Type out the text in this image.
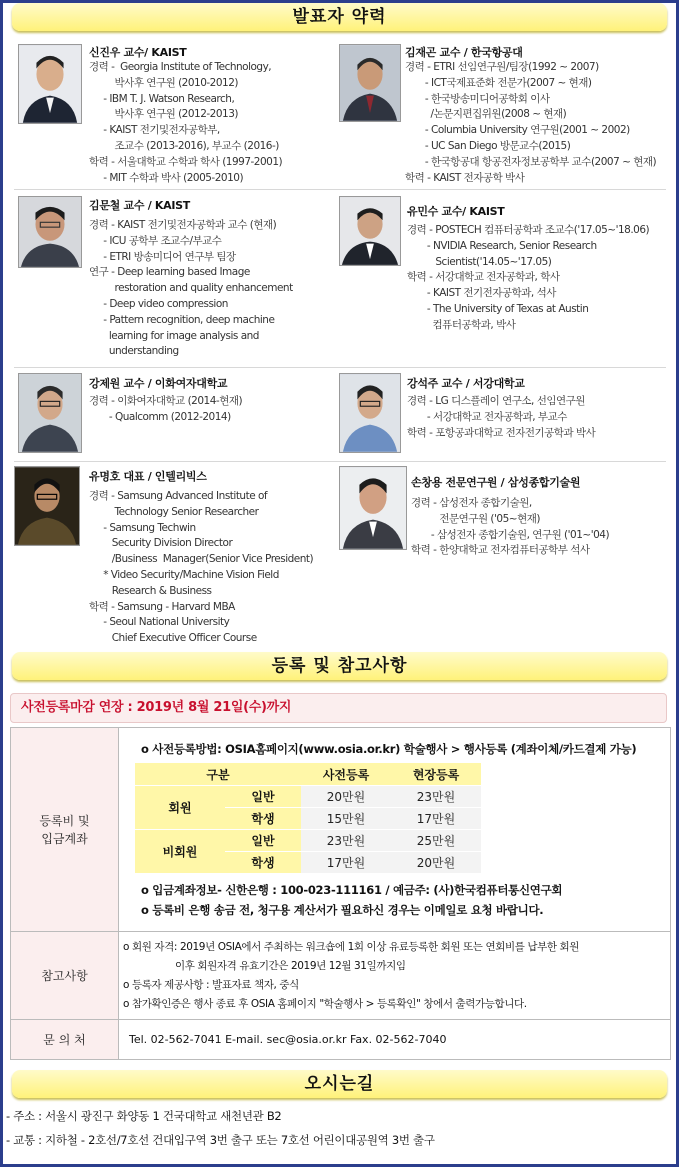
발표자 약력
신진우 교수/ KAIST
경력 -  Georgia Institute of Technology,
박사후 연구원 (2010-2012)
- IBM T. J. Watson Research,
박사후 연구원 (2012-2013)
- KAIST 전기및전자공학부,
조교수 (2013-2016), 부교수 (2016-)
학력 - 서울대학교 수학과 학사 (1997-2001)
- MIT 수학과 박사 (2005-2010)
김재곤 교수 / 한국항공대
경력 - ETRI 선임연구원/팀장(1992 ~ 2007)
- ICT국제표준화 전문가(2007 ~ 현재)
- 한국방송미디어공학회 이사
/논문지편집위원(2008 ~ 현재)
- Columbia University 연구원(2001 ~ 2002)
- UC San Diego 방문교수(2015)
- 한국항공대 항공전자정보공학부 교수(2007 ~ 현재)
학력 - KAIST 전자공학 박사
김문철 교수 / KAIST
경력 - KAIST 전기및전자공학과 교수 (현재)
- ICU 공학부 조교수/부교수
- ETRI 방송미디어 연구부 팀장
연구 - Deep learning based Image
restoration and quality enhancement
- Deep video compression
- Pattern recognition, deep machine
learning for image analysis and
understanding
유민수 교수/ KAIST
경력 - POSTECH 컴퓨터공학과 조교수('17.05~'18.06)
- NVIDIA Research, Senior Research
Scientist('14.05~'17.05)
학력 - 서강대학교 전자공학과, 학사
- KAIST 전기전자공학과, 석사
- The University of Texas at Austin
컴퓨터공학과, 박사
강제원 교수 / 이화여자대학교
경력 - 이화여자대학교 (2014-현재)
- Qualcomm (2012-2014)
강석주 교수 / 서강대학교
경력 - LG 디스플레이 연구소, 선임연구원
- 서강대학교 전자공학과, 부교수
학력 - 포항공과대학교 전자전기공학과 박사
유명호 대표 / 인텔리빅스
경력 - Samsung Advanced Institute of
Technology Senior Researcher
- Samsung Techwin
Security Division Director
/Business  Manager(Senior Vice President)
* Video Security/Machine Vision Field
Research & Business
학력 - Samsung - Harvard MBA
- Seoul National University
Chief Executive Officer Course
손창용 전문연구원 / 삼성종합기술원
경력 - 삼성전자 종합기술원,
전문연구원 ('05~현재)
- 삼성전자 종합기술원, 연구원 ('01~'04)
학력 - 한양대학교 전자컴퓨터공학부 석사
등록 및 참고사항
사전등록마감 연장 : 2019년 8월 21일(수)까지
등록비 및
입금계좌	
o 사전등록방법: OSIA홈페이지(www.osia.or.kr) 학술행사 > 행사등록 (계좌이체/카드결제 가능)
구분	사전등록	현장등록
회원	일반	20만원	23만원
학생	15만원	17만원
비회원	일반	23만원	25만원
학생	17만원	20만원
o 입금계좌정보- 신한은행 : 100-023-111161 / 예금주: (사)한국컴퓨터통신연구회
o 등록비 은행 송금 전, 청구용 계산서가 필요하신 경우는 이메일로 요청 바랍니다.

참고사항	
o 회원 자격: 2019년 OSIA에서 주최하는 워크숍에 1회 이상 유료등록한 회원 또는 연회비를 납부한 회원
이후 회원자격 유효기간은 2019년 12월 31일까지임
o 등록자 제공사항 : 발표자료 책자, 중식
o 참가확인증은 행사 종료 후 OSIA 홈페이지 "학술행사 > 등록확인" 창에서 출력가능합니다.

문 의 처	Tel. 02-562-7041 E-mail. sec@osia.or.kr Fax. 02-562-7040
오시는길
- 주소 : 서울시 광진구 화양동 1 건국대학교 새천년관 B2
- 교통 : 지하철 - 2호선/7호선 건대입구역 3번 출구 또는 7호선 어린이대공원역 3번 출구
